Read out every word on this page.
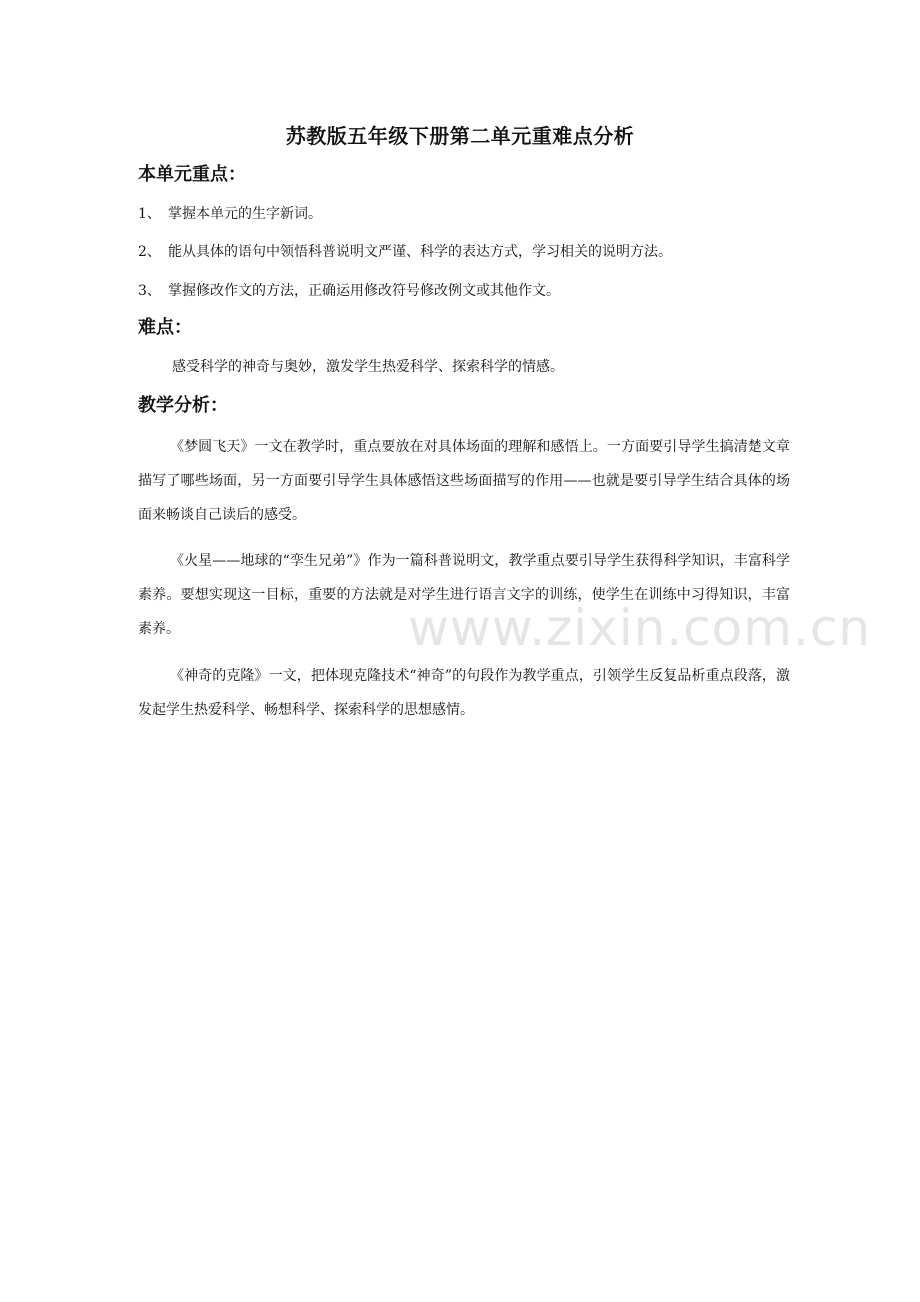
苏教版五年级下册第二单元重难点分析
本单元重点：
1、 掌握本单元的生字新词。
2、 能从具体的语句中领悟科普说明文严谨、科学的表达方式，学习相关的说明方法。
3、 掌握修改作文的方法，正确运用修改符号修改例文或其他作文。
难点：
感受科学的神奇与奥妙，激发学生热爱科学、探索科学的情感。
教学分析：
《梦圆飞天》一文在教学时，重点要放在对具体场面的理解和感悟上。一方面要引导学生搞清楚文章描写了哪些场面，另一方面要引导学生具体感悟这些场面描写的作用——也就是要引导学生结合具体的场面来畅谈自己读后的感受。
《火星——地球的“孪生兄弟”》作为一篇科普说明文，教学重点要引导学生获得科学知识，丰富科学素养。要想实现这一目标，重要的方法就是对学生进行语言文字的训练，使学生在训练中习得知识，丰富素养。
《神奇的克隆》一文，把体现克隆技术“神奇”的句段作为教学重点，引领学生反复品析重点段落，激发起学生热爱科学、畅想科学、探索科学的思想感情。
www.zixin.com.cn
